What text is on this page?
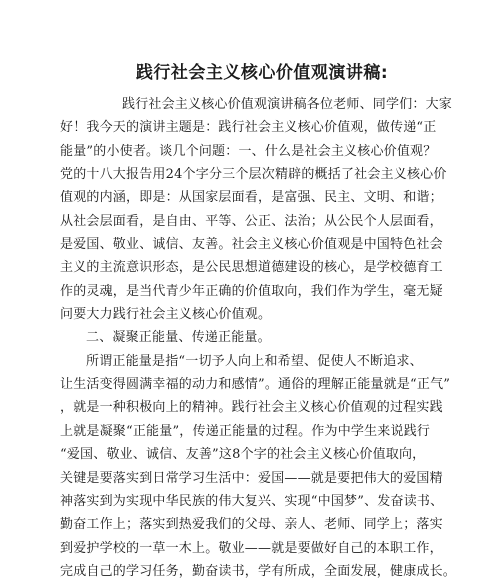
践行社会主义核心价值观演讲稿:
践行社会主义核心价值观演讲稿各位老师、同学们：大家
好！我今天的演讲主题是：践行社会主义核心价值观，做传递“正
能量”的小使者。谈几个问题：一、什么是社会主义核心价值观？
党的十八大报告用24个字分三个层次精辟的概括了社会主义核心价
值观的内涵，即是：从国家层面看，是富强、民主、文明、和谐；
从社会层面看，是自由、平等、公正、法治；从公民个人层面看，
是爱国、敬业、诚信、友善。社会主义核心价值观是中国特色社会
主义的主流意识形态，是公民思想道德建设的核心，是学校德育工
作的灵魂，是当代青少年正确的价值取向，我们作为学生，毫无疑
问要大力践行社会主义核心价值观。
二、凝聚正能量、传递正能量。
所谓正能量是指“一切予人向上和希望、促使人不断追求、
让生活变得圆满幸福的动力和感情”。通俗的理解正能量就是“正气”
，就是一种积极向上的精神。践行社会主义核心价值观的过程实践
上就是凝聚“正能量”，传递正能量的过程。作为中学生来说践行
“爱国、敬业、诚信、友善”这8个字的社会主义核心价值取向，
关键是要落实到日常学习生活中：爱国——就是要把伟大的爱国精
神落实到为实现中华民族的伟大复兴、实现“中国梦”、发奋读书、
勤奋工作上；落实到热爱我们的父母、亲人、老师、同学上；落实
到爱护学校的一草一木上。敬业——就是要做好自己的本职工作，
完成自己的学习任务，勤奋读书，学有所成，全面发展，健康成长。
